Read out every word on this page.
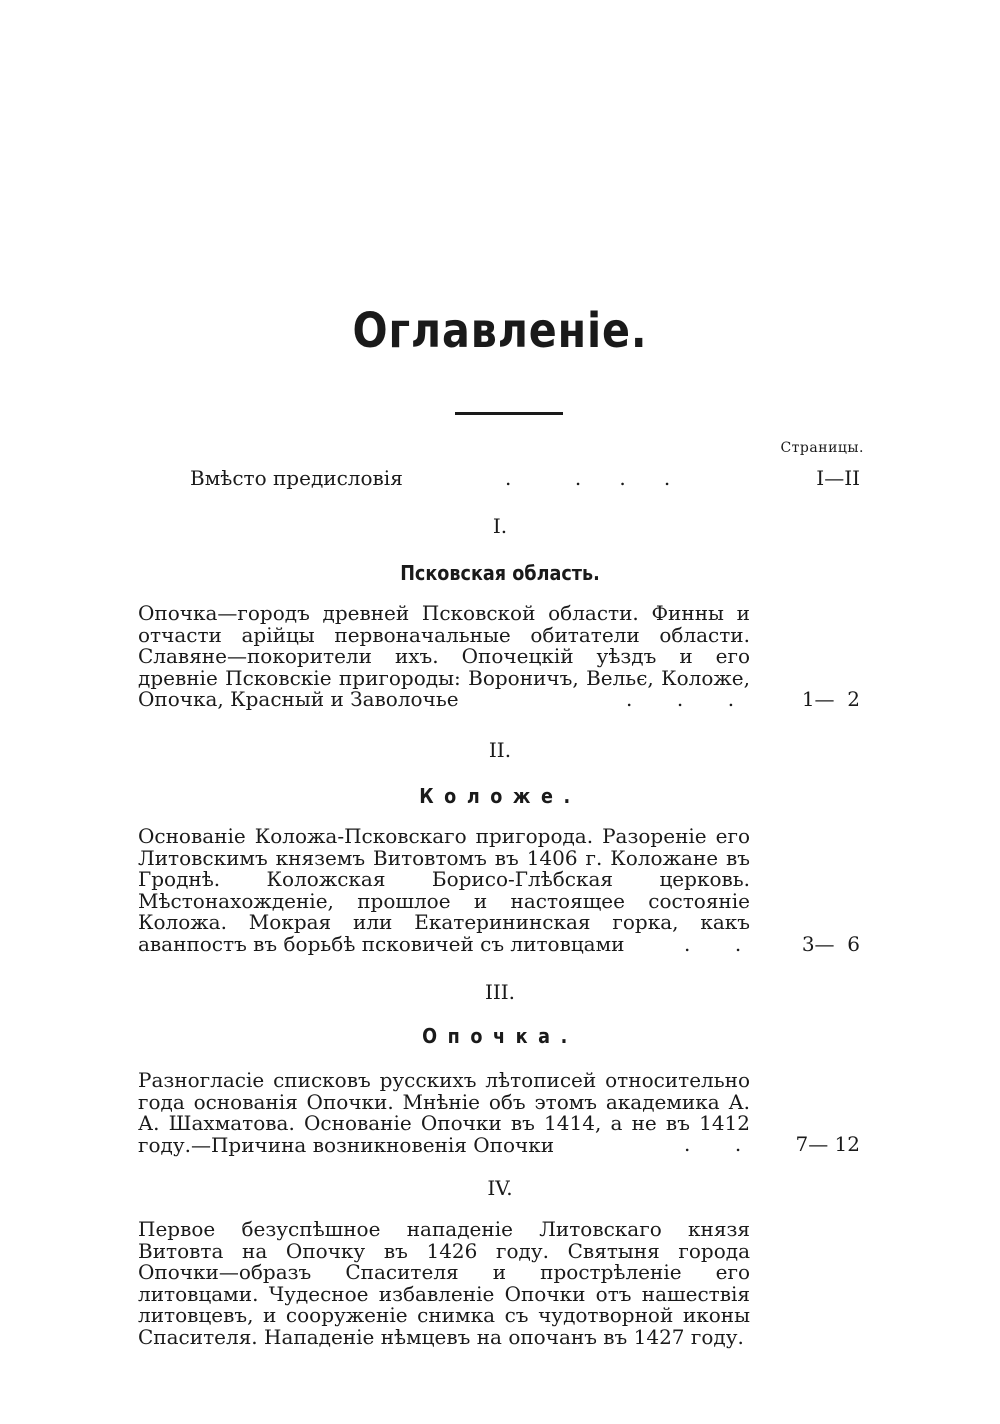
Оглавленіе.
Страницы.
Вмѣсто предисловія	.          .      .      .	I—II
I.
Псковская область.
Опочка—городъ древней Псковской области. Финны и отчасти арійцы первоначальные обитатели области. Славяне—покорители ихъ. Опочецкій уѣздъ и его древніе Псковскіе пригороды: Вороничъ, Вельє, Коложе, Опочка, Красный и Заволочье	.       .       .	1—  2
II.
Коложе.
Основаніе Коложа-Псковскаго пригорода. Разореніе его Литовскимъ княземъ Витовтомъ въ 1406 г. Коложане въ Гроднѣ. Коложская Борисо-Глѣбская церковь. Мѣстонахожденіе, прошлое и настоящее состояніе Коложа. Мокрая или Екатерининская горка, какъ аванпостъ въ борьбѣ псковичей съ литовцами	.       .	3—  6
III.
Опочка.
Разногласіе списковъ русскихъ лѣтописей относительно года основанія Опочки. Мнѣніе объ этомъ академика А. А. Шахматова. Основаніе Опочки въ 1414, а не въ 1412 году.—Причина возникновенія Опочки	.       .	7— 12
IV.
Первое безуспѣшное нападеніе Литовскаго князя Витовта на Опочку въ 1426 году. Святыня города Опочки—образъ Спасителя и прострѣленіе его литовцами. Чудесное избавленіе Опочки отъ нашествія литовцевъ, и сооруженіе снимка съ чудотворной иконы Спасителя. Нападеніе нѣмцевъ на опочанъ въ 1427 году.
